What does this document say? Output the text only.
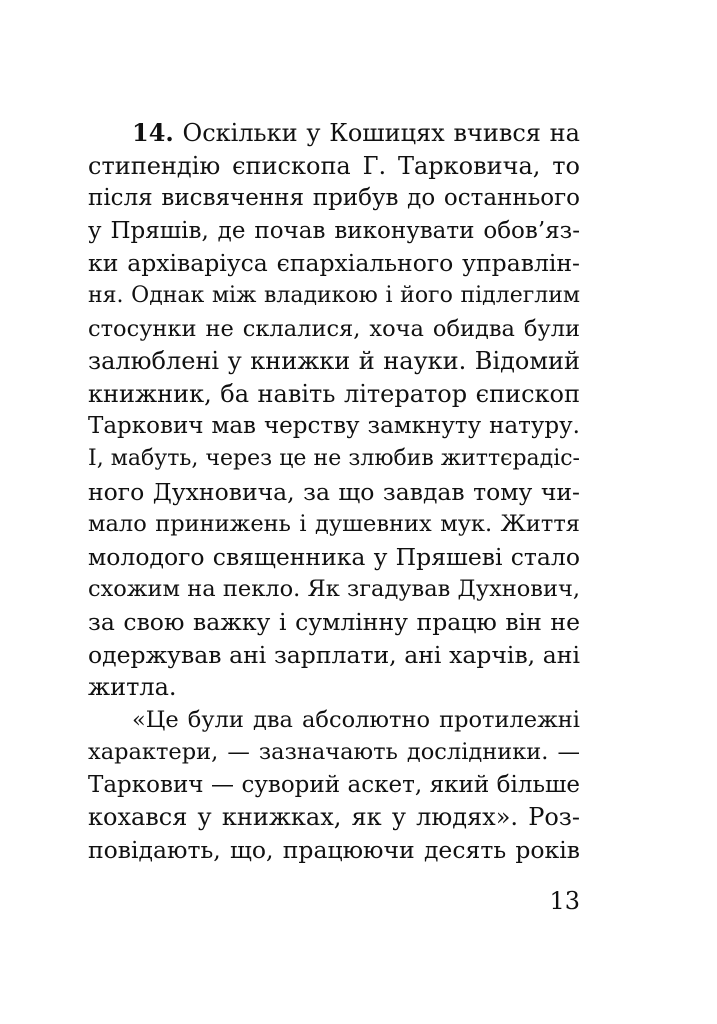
14. Оскільки у Кошицях вчився на
стипендію єпископа Г. Тарковича, то
після висвячення прибув до останнього
у Пряшів, де почав виконувати обов’яз-
ки архіваріуса єпархіального управлін-
ня. Однак між владикою і його підлеглим
стосунки не склалися, хоча обидва були
залюблені у книжки й науки. Відомий
книжник, ба навіть літератор єпископ
Таркович мав черству замкнуту натуру.
І, мабуть, через це не злюбив життєрадіс-
ного Духновича, за що завдав тому чи-
мало принижень і душевних мук. Життя
молодого священника у Пряшеві стало
схожим на пекло. Як згадував Духнович,
за свою важку і сумлінну працю він не
одержував ані зарплати, ані харчів, ані
житла.
«Це були два абсолютно протилежні
характери, — зазначають дослідники. —
Таркович — суворий аскет, який більше
кохався у книжках, як у людях». Роз-
повідають, що, працюючи десять років
13
